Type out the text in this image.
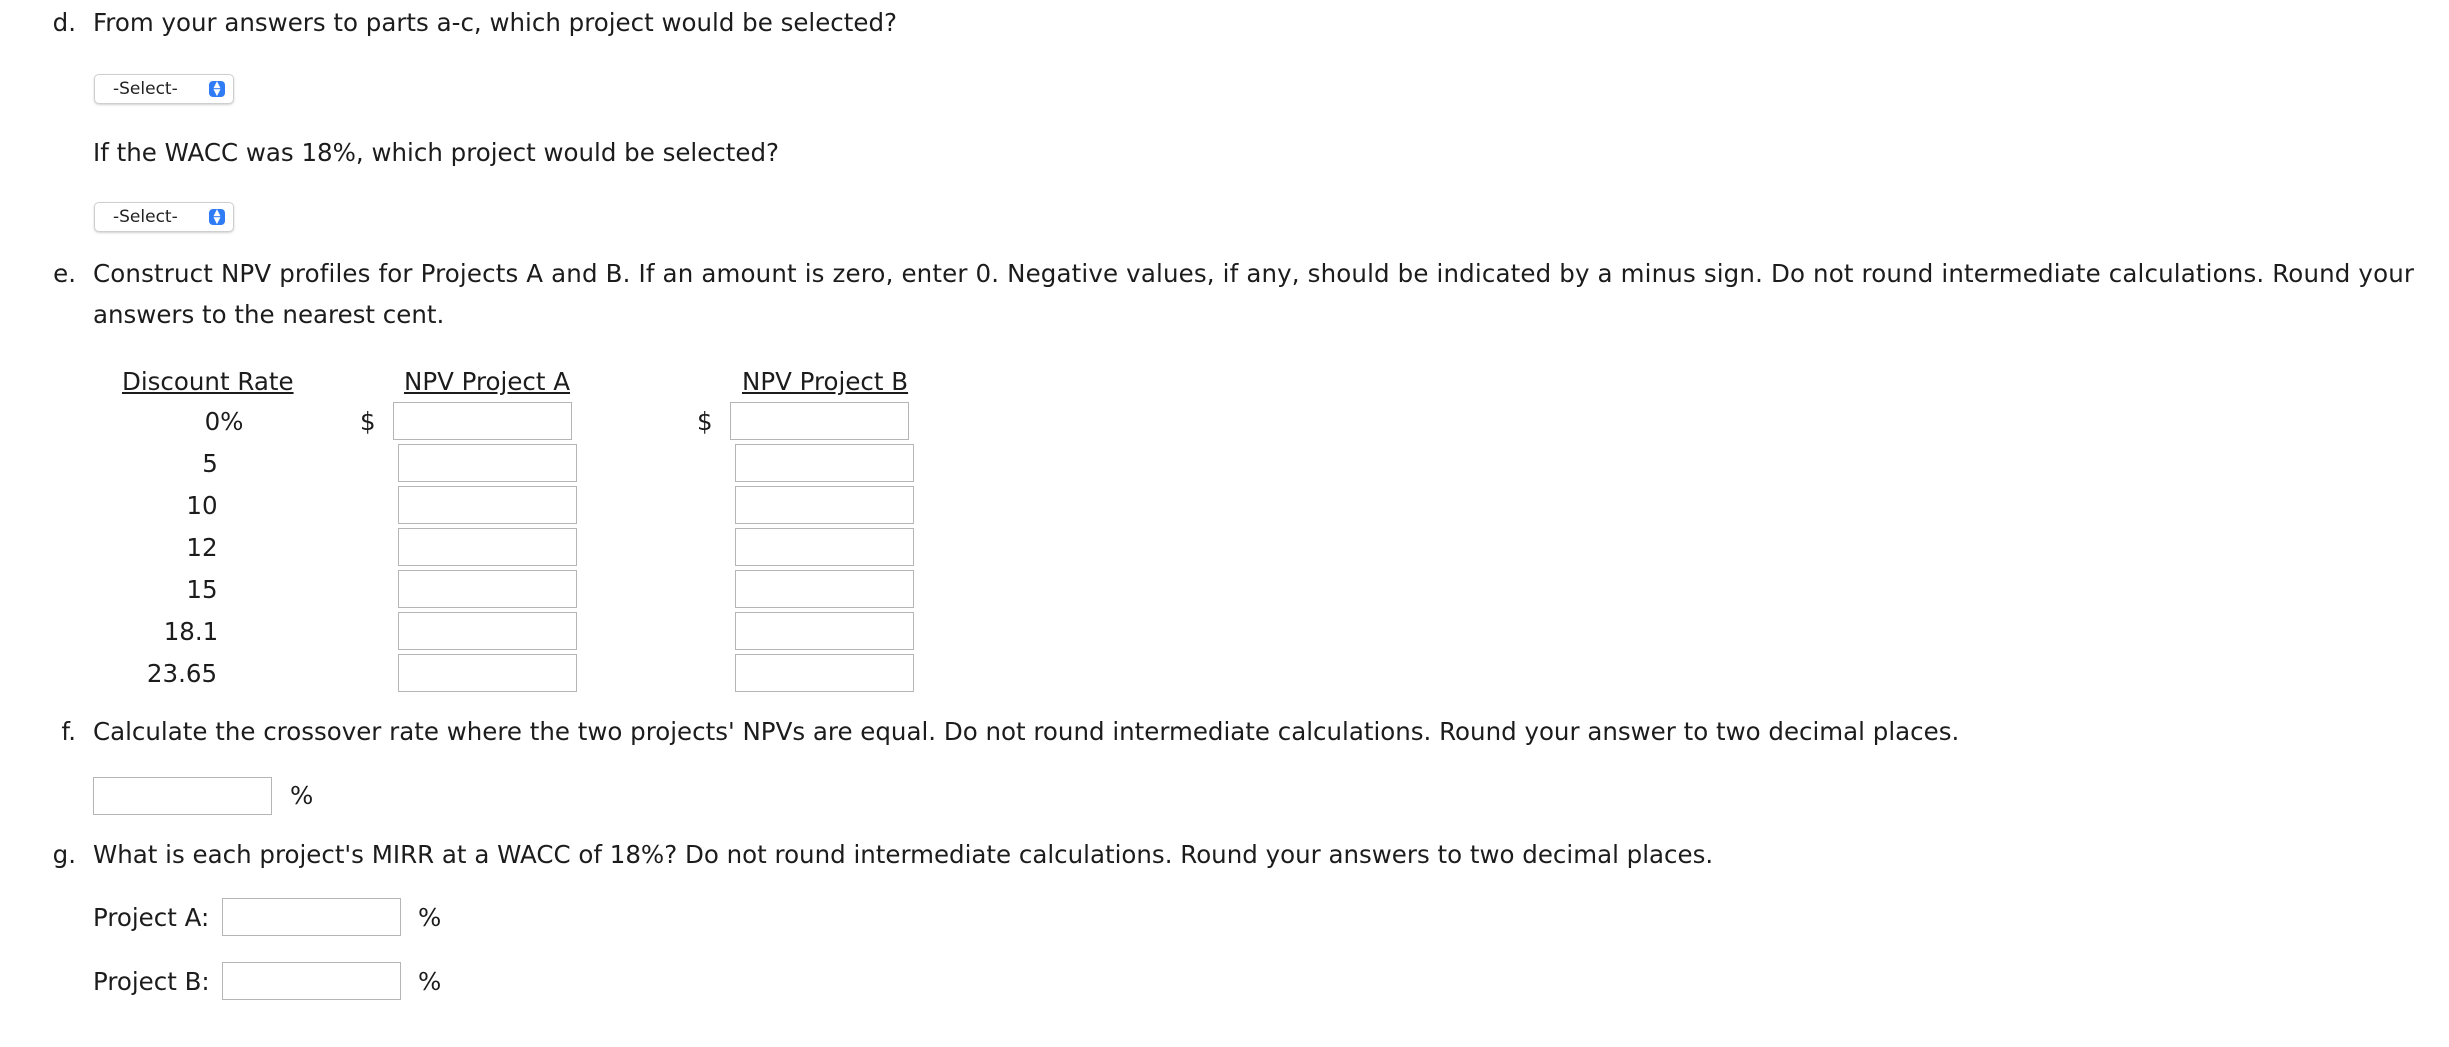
d. From your answers to parts a-c, which project would be selected?
-Select-	▲
▼
If the WACC was 18%, which project would be selected?
-Select-	▲
▼
e. Construct NPV profiles for Projects A and B. If an amount is zero, enter 0. Negative values, if any, should be indicated by a minus sign. Do not round intermediate calculations. Round your
answers to the nearest cent.
Discount Rate	NPV Project A	NPV Project B
0%	$	$
5
10
12
15
18.1
23.65
f. Calculate the crossover rate where the two projects' NPVs are equal. Do not round intermediate calculations. Round your answer to two decimal places.
%
g. What is each project's MIRR at a WACC of 18%? Do not round intermediate calculations. Round your answers to two decimal places.
Project A:	%
Project B:	%
